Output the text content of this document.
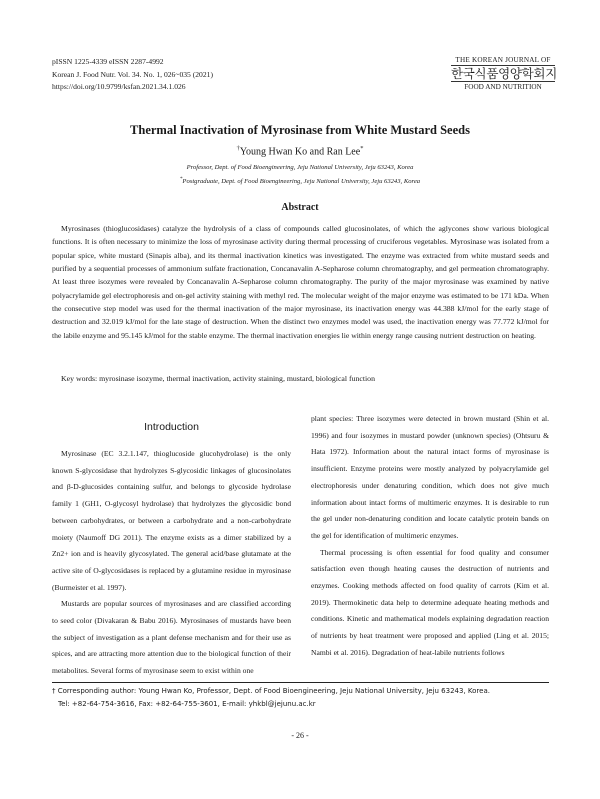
pISSN 1225-4339 eISSN 2287-4992
Korean J. Food Nutr. Vol. 34. No. 1, 026~035 (2021)
https://doi.org/10.9799/ksfan.2021.34.1.026
THE KOREAN JOURNAL OF
한국식품영양학회지
FOOD AND NUTRITION
Thermal Inactivation of Myrosinase from White Mustard Seeds
†Young Hwan Ko and Ran Lee*
Professor, Dept. of Food Bioengineering, Jeju National University, Jeju 63243, Korea
*Postgraduate, Dept. of Food Bioengineering, Jeju National University, Jeju 63243, Korea
Abstract
Myrosinases (thioglucosidases) catalyze the hydrolysis of a class of compounds called glucosinolates, of which the aglycones show various biological functions. It is often necessary to minimize the loss of myrosinase activity during thermal processing of cruciferous vegetables. Myrosinase was isolated from a popular spice, white mustard (Sinapis alba), and its thermal inactivation kinetics was investigated. The enzyme was extracted from white mustard seeds and purified by a sequential processes of ammonium sulfate fractionation, Concanavalin A-Sepharose column chromatography, and gel permeation chromatography. At least three isozymes were revealed by Concanavalin A-Sepharose column chromatography. The purity of the major myrosinase was examined by native polyacrylamide gel electrophoresis and on-gel activity staining with methyl red. The molecular weight of the major enzyme was estimated to be 171 kDa. When the consecutive step model was used for the thermal inactivation of the major myrosinase, its inactivation energy was 44.388 kJ/mol for the early stage of destruction and 32.019 kJ/mol for the late stage of destruction. When the distinct two enzymes model was used, the inactivation energy was 77.772 kJ/mol for the labile enzyme and 95.145 kJ/mol for the stable enzyme. The thermal inactivation energies lie within energy range causing nutrient destruction on heating.
Key words: myrosinase isozyme, thermal inactivation, activity staining, mustard, biological function
Introduction

Myrosinase (EC 3.2.1.147, thioglucoside glucohydrolase) is the only known S-glycosidase that hydrolyzes S-glycosidic linkages of glucosinolates and β-D-glucosides containing sulfur, and belongs to glycoside hydrolase family 1 (GH1, O-glycosyl hydrolase) that hydrolyzes the glycosidic bond between carbohydrates, or between a carbohydrate and a non-carbohydrate moiety (Naumoff DG 2011). The enzyme exists as a dimer stabilized by a Zn2+ ion and is heavily glycosylated. The general acid/base glutamate at the active site of O-glycosidases is replaced by a glutamine residue in myrosinase (Burmeister et al. 1997).

Mustards are popular sources of myrosinases and are classified according to seed color (Divakaran & Babu 2016). Myrosinases of mustards have been the subject of investigation as a plant defense mechanism and for their use as spices, and are attracting more attention due to the biological function of their metabolites. Several forms of myrosinase seem to exist within one

plant species: Three isozymes were detected in brown mustard (Shin et al. 1996) and four isozymes in mustard powder (unknown species) (Ohtsuru & Hata 1972). Information about the natural intact forms of myrosinase is insufficient. Enzyme proteins were mostly analyzed by polyacrylamide gel electrophoresis under denaturing condition, which does not give much information about intact forms of multimeric enzymes. It is desirable to run the gel under non-denaturing condition and locate catalytic protein bands on the gel for identification of multimeric enzymes.

Thermal processing is often essential for food quality and consumer satisfaction even though heating causes the destruction of nutrients and enzymes. Cooking methods affected on food quality of carrots (Kim et al. 2019). Thermokinetic data help to determine adequate heating methods and conditions. Kinetic and mathematical models explaining degradation reaction of nutrients by heat treatment were proposed and applied (Ling et al. 2015; Nambi et al. 2016). Degradation of heat-labile nutrients follows

† Corresponding author: Young Hwan Ko, Professor, Dept. of Food Bioengineering, Jeju National University, Jeju 63243, Korea.
Tel: +82-64-754-3616, Fax: +82-64-755-3601, E-mail: yhkbl@jejunu.ac.kr
- 26 -
